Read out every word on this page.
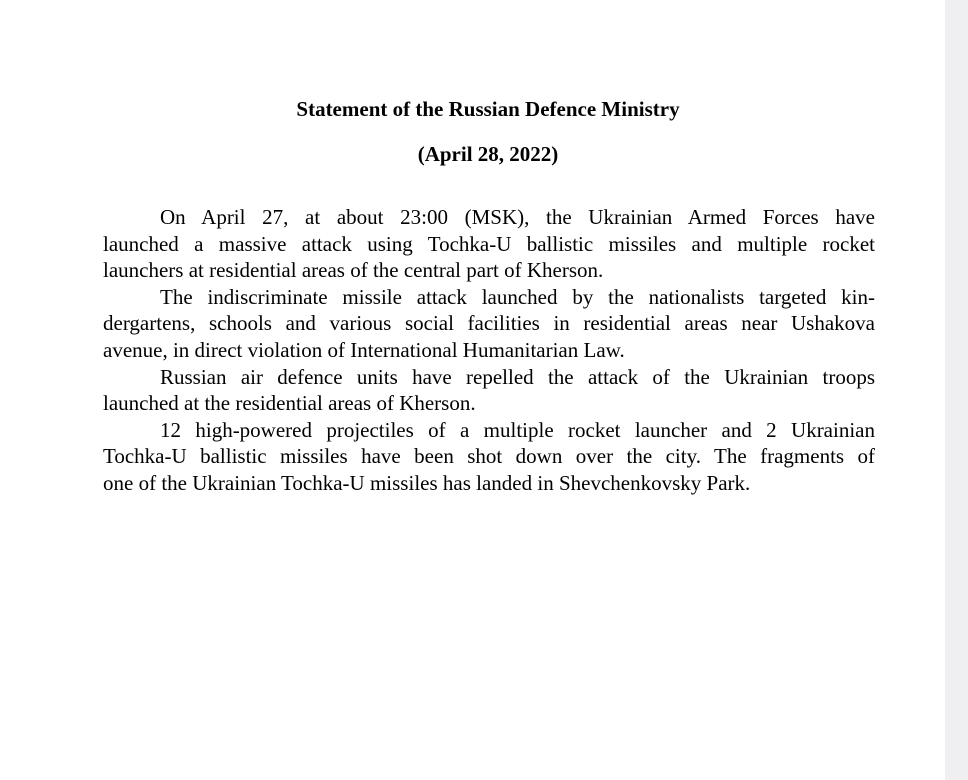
Statement of the Russian Defence Ministry
(April 28, 2022)

On April 27, at about 23:00 (MSK), the Ukrainian Armed Forces have
launched a massive attack using Tochka-U ballistic missiles and multiple rocket
launchers at residential areas of the central part of Kherson.

The indiscriminate missile attack launched by the nationalists targeted kin-
dergartens, schools and various social facilities in residential areas near Ushakova
avenue, in direct violation of International Humanitarian Law.

Russian air defence units have repelled the attack of the Ukrainian troops
launched at the residential areas of Kherson.

12 high-powered projectiles of a multiple rocket launcher and 2 Ukrainian
Tochka-U ballistic missiles have been shot down over the city. The fragments of
one of the Ukrainian Tochka-U missiles has landed in Shevchenkovsky Park.
